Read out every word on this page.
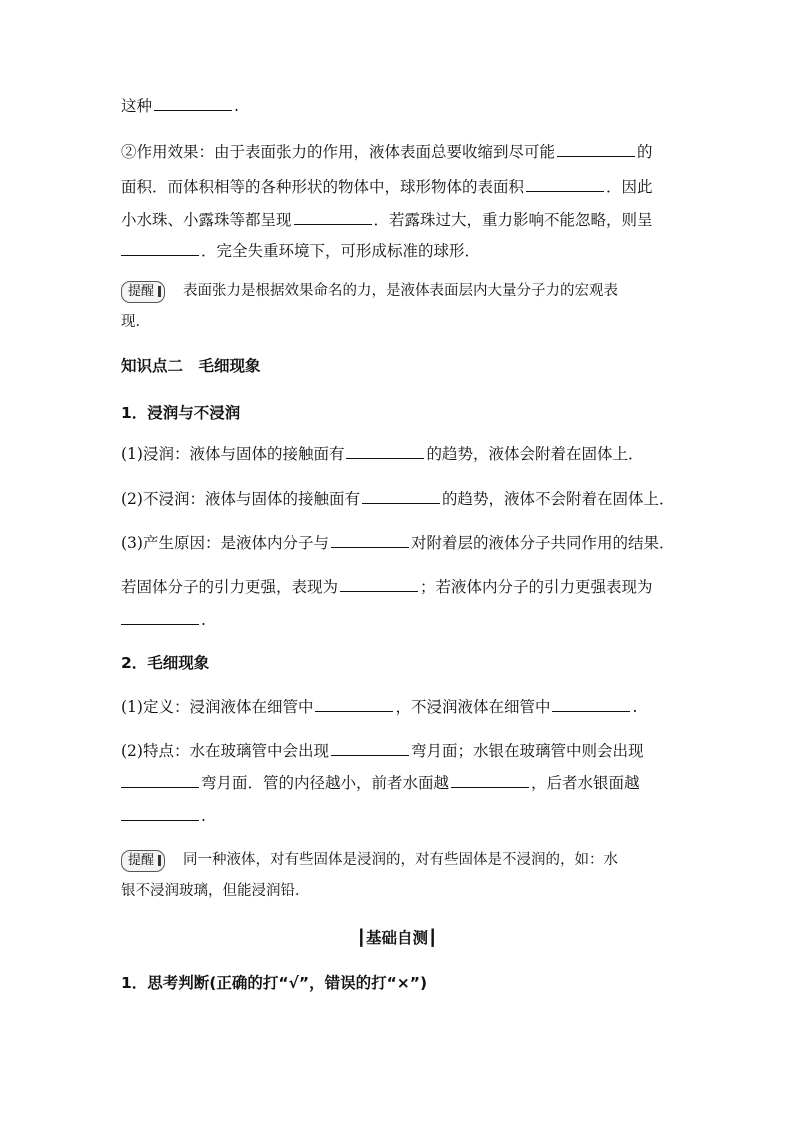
这种	.
②作用效果：由于表面张力的作用，液体表面总要收缩到尽可能	的
面积．而体积相等的各种形状的物体中，球形物体的表面积	．因此
小水珠、小露珠等都呈现	．若露珠过大，重力影响不能忽略，则呈
．完全失重环境下，可形成标准的球形．
提醒 表面张力是根据效果命名的力，是液体表面层内大量分子力的宏观表
现．
知识点二　毛细现象
1．浸润与不浸润
(1)浸润：液体与固体的接触面有	的趋势，液体会附着在固体上．
(2)不浸润：液体与固体的接触面有	的趋势，液体不会附着在固体上．
(3)产生原因：是液体内分子与	对附着层的液体分子共同作用的结果．
若固体分子的引力更强，表现为	；若液体内分子的引力更强表现为
.
2．毛细现象
(1)定义：浸润液体在细管中	，不浸润液体在细管中	.
(2)特点：水在玻璃管中会出现	弯月面；水银在玻璃管中则会出现
弯月面．管的内径越小，前者水面越	，后者水银面越
.
提醒 同一种液体，对有些固体是浸润的，对有些固体是不浸润的，如：水
银不浸润玻璃，但能浸润铅．
┃基础自测┃
1．思考判断(正确的打“√”，错误的打“×”)
